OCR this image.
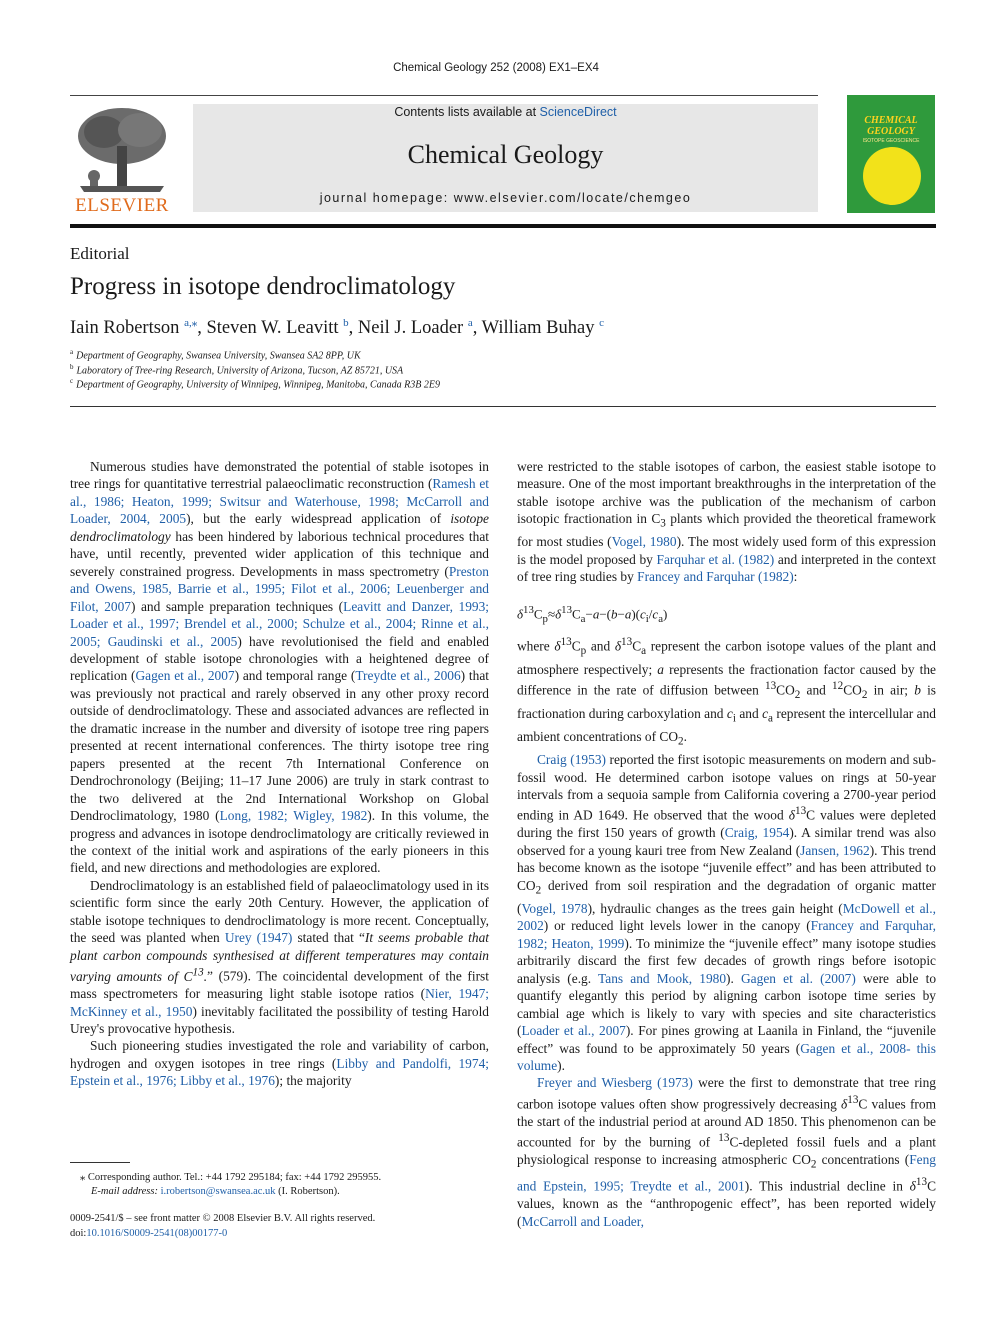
Chemical Geology 252 (2008) EX1–EX4
ELSEVIER
Contents lists available at ScienceDirect
Chemical Geology
journal homepage: www.elsevier.com/locate/chemgeo
CHEMICAL
GEOLOGY
ISOTOPE GEOSCIENCE
Editorial
Progress in isotope dendroclimatology
Iain Robertson $^{a,⁎}$, Steven W. Leavitt $^b$, Neil J. Loader $^a$, William Buhay $^c$
$^a$ Department of Geography, Swansea University, Swansea SA2 8PP, UK
$^b$ Laboratory of Tree-ring Research, University of Arizona, Tucson, AZ 85721, USA
$^c$ Department of Geography, University of Winnipeg, Winnipeg, Manitoba, Canada R3B 2E9

Numerous studies have demonstrated the potential of stable isotopes in tree rings for quantitative terrestrial palaeoclimatic reconstruction (Ramesh et al., 1986; Heaton, 1999; Switsur and Waterhouse, 1998; McCarroll and Loader, 2004, 2005), but the early widespread application of isotope dendroclimatology has been hindered by laborious technical procedures that have, until recently, prevented wider application of this technique and severely constrained progress. Developments in mass spectrometry (Preston and Owens, 1985, Barrie et al., 1995; Filot et al., 2006; Leuenberger and Filot, 2007) and sample preparation techniques (Leavitt and Danzer, 1993; Loader et al., 1997; Brendel et al., 2000; Schulze et al., 2004; Rinne et al., 2005; Gaudinski et al., 2005) have revolutionised the field and enabled development of stable isotope chronologies with a heightened degree of replication (Gagen et al., 2007) and temporal range (Treydte et al., 2006) that was previously not practical and rarely observed in any other proxy record outside of dendroclimatology. These and associated advances are reflected in the dramatic increase in the number and diversity of isotope tree ring papers presented at recent international conferences. The thirty isotope tree ring papers presented at the recent 7th International Conference on Dendrochronology (Beijing; 11–17 June 2006) are truly in stark contrast to the two delivered at the 2nd International Workshop on Global Dendroclimatology, 1980 (Long, 1982; Wigley, 1982). In this volume, the progress and advances in isotope dendroclimatology are critically reviewed in the context of the initial work and aspirations of the early pioneers in this field, and new directions and methodologies are explored.

Dendroclimatology is an established field of palaeoclimatology used in its scientific form since the early 20th Century. However, the application of stable isotope techniques to dendroclimatology is more recent. Conceptually, the seed was planted when Urey (1947) stated that “It seems probable that plant carbon compounds synthesised at different temperatures may contain varying amounts of $C^{13}$.” (579). The coincidental development of the first mass spectrometers for measuring light stable isotope ratios (Nier, 1947; McKinney et al., 1950) inevitably facilitated the possibility of testing Harold Urey's provocative hypothesis.

Such pioneering studies investigated the role and variability of carbon, hydrogen and oxygen isotopes in tree rings (Libby and Pandolfi, 1974; Epstein et al., 1976; Libby et al., 1976); the majority

were restricted to the stable isotopes of carbon, the easiest stable isotope to measure. One of the most important breakthroughs in the interpretation of the stable isotope archive was the publication of the mechanism of carbon isotopic fractionation in $C_3$ plants which provided the theoretical framework for most studies (Vogel, 1980). The most widely used form of this expression is the model proposed by Farquhar et al. (1982) and interpreted in the context of tree ring studies by Francey and Farquhar (1982):

$\delta^{13}C_p\approx\delta^{13}C_a-a-(b-a)(c_i/c_a)$

where $\delta^{13}C_p$ and $\delta^{13}C_a$ represent the carbon isotope values of the plant and atmosphere respectively; a represents the fractionation factor caused by the difference in the rate of diffusion between $^{13}CO_2$ and $^{12}CO_2$ in air; b is fractionation during carboxylation and $c_i$ and $c_a$ represent the intercellular and ambient concentrations of $CO_2$.

Craig (1953) reported the first isotopic measurements on modern and sub-fossil wood. He determined carbon isotope values on rings at 50-year intervals from a sequoia sample from California covering a 2700-year period ending in AD 1649. He observed that the wood $\delta^{13}C$ values were depleted during the first 150 years of growth (Craig, 1954). A similar trend was also observed for a young kauri tree from New Zealand (Jansen, 1962). This trend has become known as the isotope “juvenile effect” and has been attributed to $CO_2$ derived from soil respiration and the degradation of organic matter (Vogel, 1978), hydraulic changes as the trees gain height (McDowell et al., 2002) or reduced light levels lower in the canopy (Francey and Farquhar, 1982; Heaton, 1999). To minimize the “juvenile effect” many isotope studies arbitrarily discard the first few decades of growth rings before isotopic analysis (e.g. Tans and Mook, 1980). Gagen et al. (2007) were able to quantify elegantly this period by aligning carbon isotope time series by cambial age which is likely to vary with species and site characteristics (Loader et al., 2007). For pines growing at Laanila in Finland, the “juvenile effect” was found to be approximately 50 years (Gagen et al., 2008- this volume).

Freyer and Wiesberg (1973) were the first to demonstrate that tree ring carbon isotope values often show progressively decreasing $\delta^{13}C$ values from the start of the industrial period at around AD 1850. This phenomenon can be accounted for by the burning of $^{13}$C-depleted fossil fuels and a plant physiological response to increasing atmospheric $CO_2$ concentrations (Feng and Epstein, 1995; Treydte et al., 2001). This industrial decline in $\delta^{13}C$ values, known as the “anthropogenic effect”, has been reported widely (McCarroll and Loader,

⁎ Corresponding author. Tel.: +44 1792 295184; fax: +44 1792 295955.
E-mail address: i.robertson@swansea.ac.uk (I. Robertson).
0009-2541/$ – see front matter © 2008 Elsevier B.V. All rights reserved.
doi:10.1016/S0009-2541(08)00177-0
